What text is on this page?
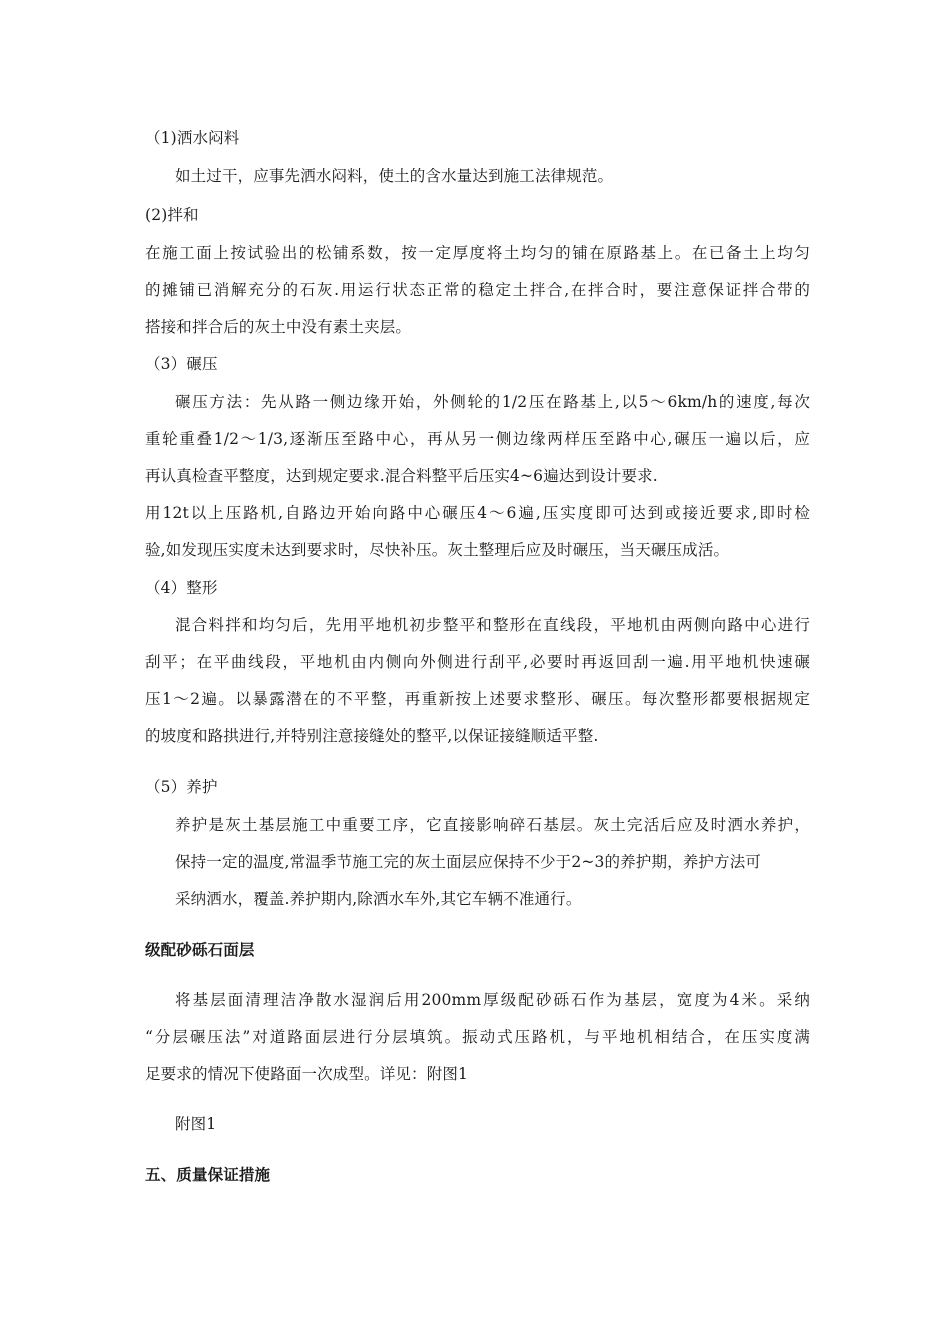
（1)洒水闷料
如土过干，应事先洒水闷料，使土的含水量达到施工法律规范。
(2)拌和
在施工面上按试验出的松铺系数，按一定厚度将土均匀的铺在原路基上。在已备土上均匀
的摊铺已消解充分的石灰.用运行状态正常的稳定土拌合,在拌合时，要注意保证拌合带的
搭接和拌合后的灰土中没有素土夹层。
（3）碾压
碾压方法：先从路一侧边缘开始，外侧轮的1/2压在路基上,以5～6km/h的速度,每次
重轮重叠1/2～1/3,逐渐压至路中心，再从另一侧边缘两样压至路中心,碾压一遍以后，应
再认真检查平整度，达到规定要求.混合料整平后压实4~6遍达到设计要求.
用12t以上压路机,自路边开始向路中心碾压4～6遍,压实度即可达到或接近要求,即时检
验,如发现压实度未达到要求时，尽快补压。灰土整理后应及时碾压，当天碾压成活。
（4）整形
混合料拌和均匀后，先用平地机初步整平和整形在直线段，平地机由两侧向路中心进行
刮平；在平曲线段，平地机由内侧向外侧进行刮平,必要时再返回刮一遍.用平地机快速碾
压1～2遍。以暴露潜在的不平整，再重新按上述要求整形、碾压。每次整形都要根据规定
的坡度和路拱进行,并特别注意接缝处的整平,以保证接缝顺适平整.
（5）养护
养护是灰土基层施工中重要工序，它直接影响碎石基层。灰土完活后应及时洒水养护，
保持一定的温度,常温季节施工完的灰土面层应保持不少于2~3的养护期，养护方法可
采纳洒水，覆盖.养护期内,除洒水车外,其它车辆不准通行。
级配砂砾石面层
将基层面清理洁净散水湿润后用200mm厚级配砂砾石作为基层，宽度为4米。采纳
“分层碾压法”对道路面层进行分层填筑。振动式压路机，与平地机相结合，在压实度满
足要求的情况下使路面一次成型。详见：附图1
附图1
五、质量保证措施
